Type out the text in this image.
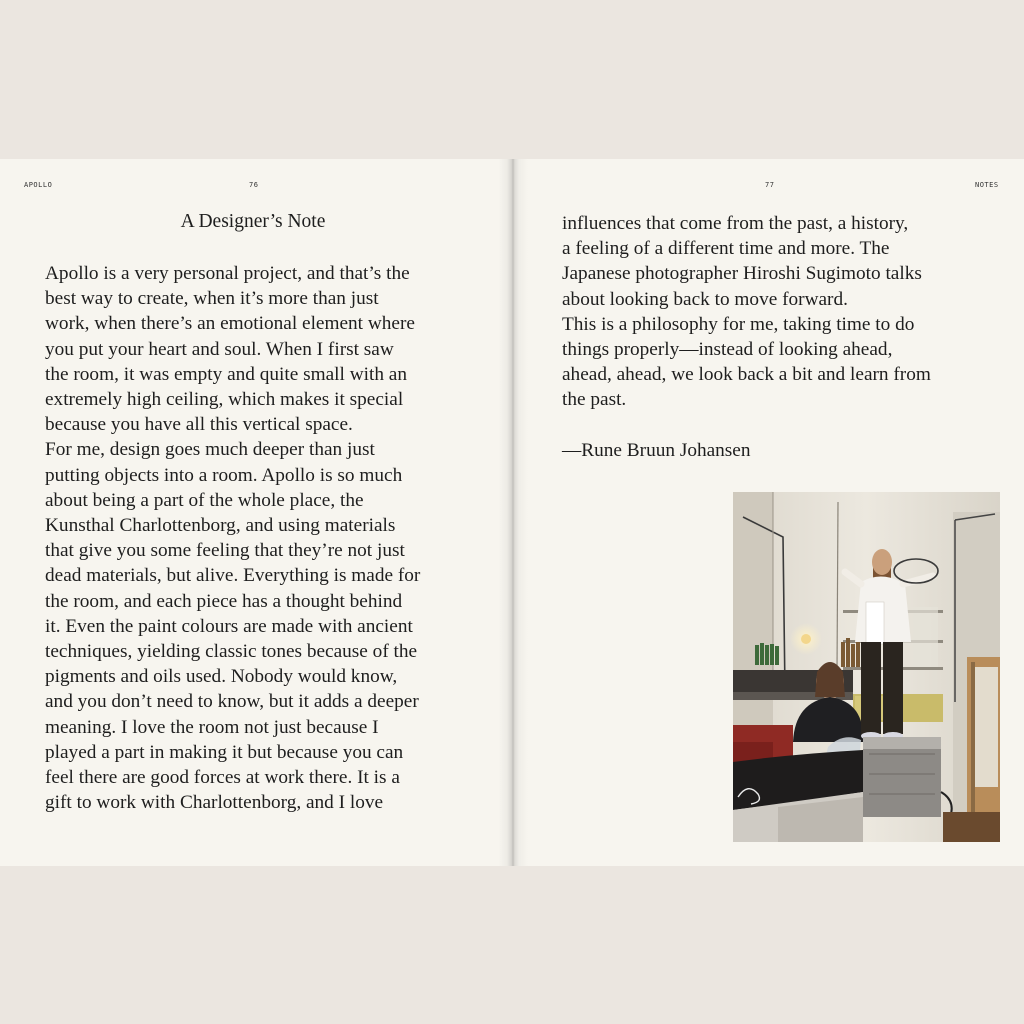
APOLLO	76
A Designer’s Note
Apollo is a very personal project, and that’s the
best way to create, when it’s more than just
work, when there’s an emotional element where
you put your heart and soul. When I first saw
the room, it was empty and quite small with an
extremely high ceiling, which makes it special
because you have all this vertical space.
For me, design goes much deeper than just
putting objects into a room. Apollo is so much
about being a part of the whole place, the
Kunsthal Charlottenborg, and using materials
that give you some feeling that they’re not just
dead materials, but alive. Everything is made for
the room, and each piece has a thought behind
it. Even the paint colours are made with ancient
techniques, yielding classic tones because of the
pigments and oils used. Nobody would know,
and you don’t need to know, but it adds a deeper
meaning. I love the room not just because I
played a part in making it but because you can
feel there are good forces at work there. It is a
gift to work with Charlottenborg, and I love
77	NOTES
influences that come from the past, a history,
a feeling of a different time and more. The
Japanese photographer Hiroshi Sugimoto talks
about looking back to move forward.
This is a philosophy for me, taking time to do
things properly—instead of looking ahead,
ahead, ahead, we look back a bit and learn from
the past.
—Rune Bruun Johansen
